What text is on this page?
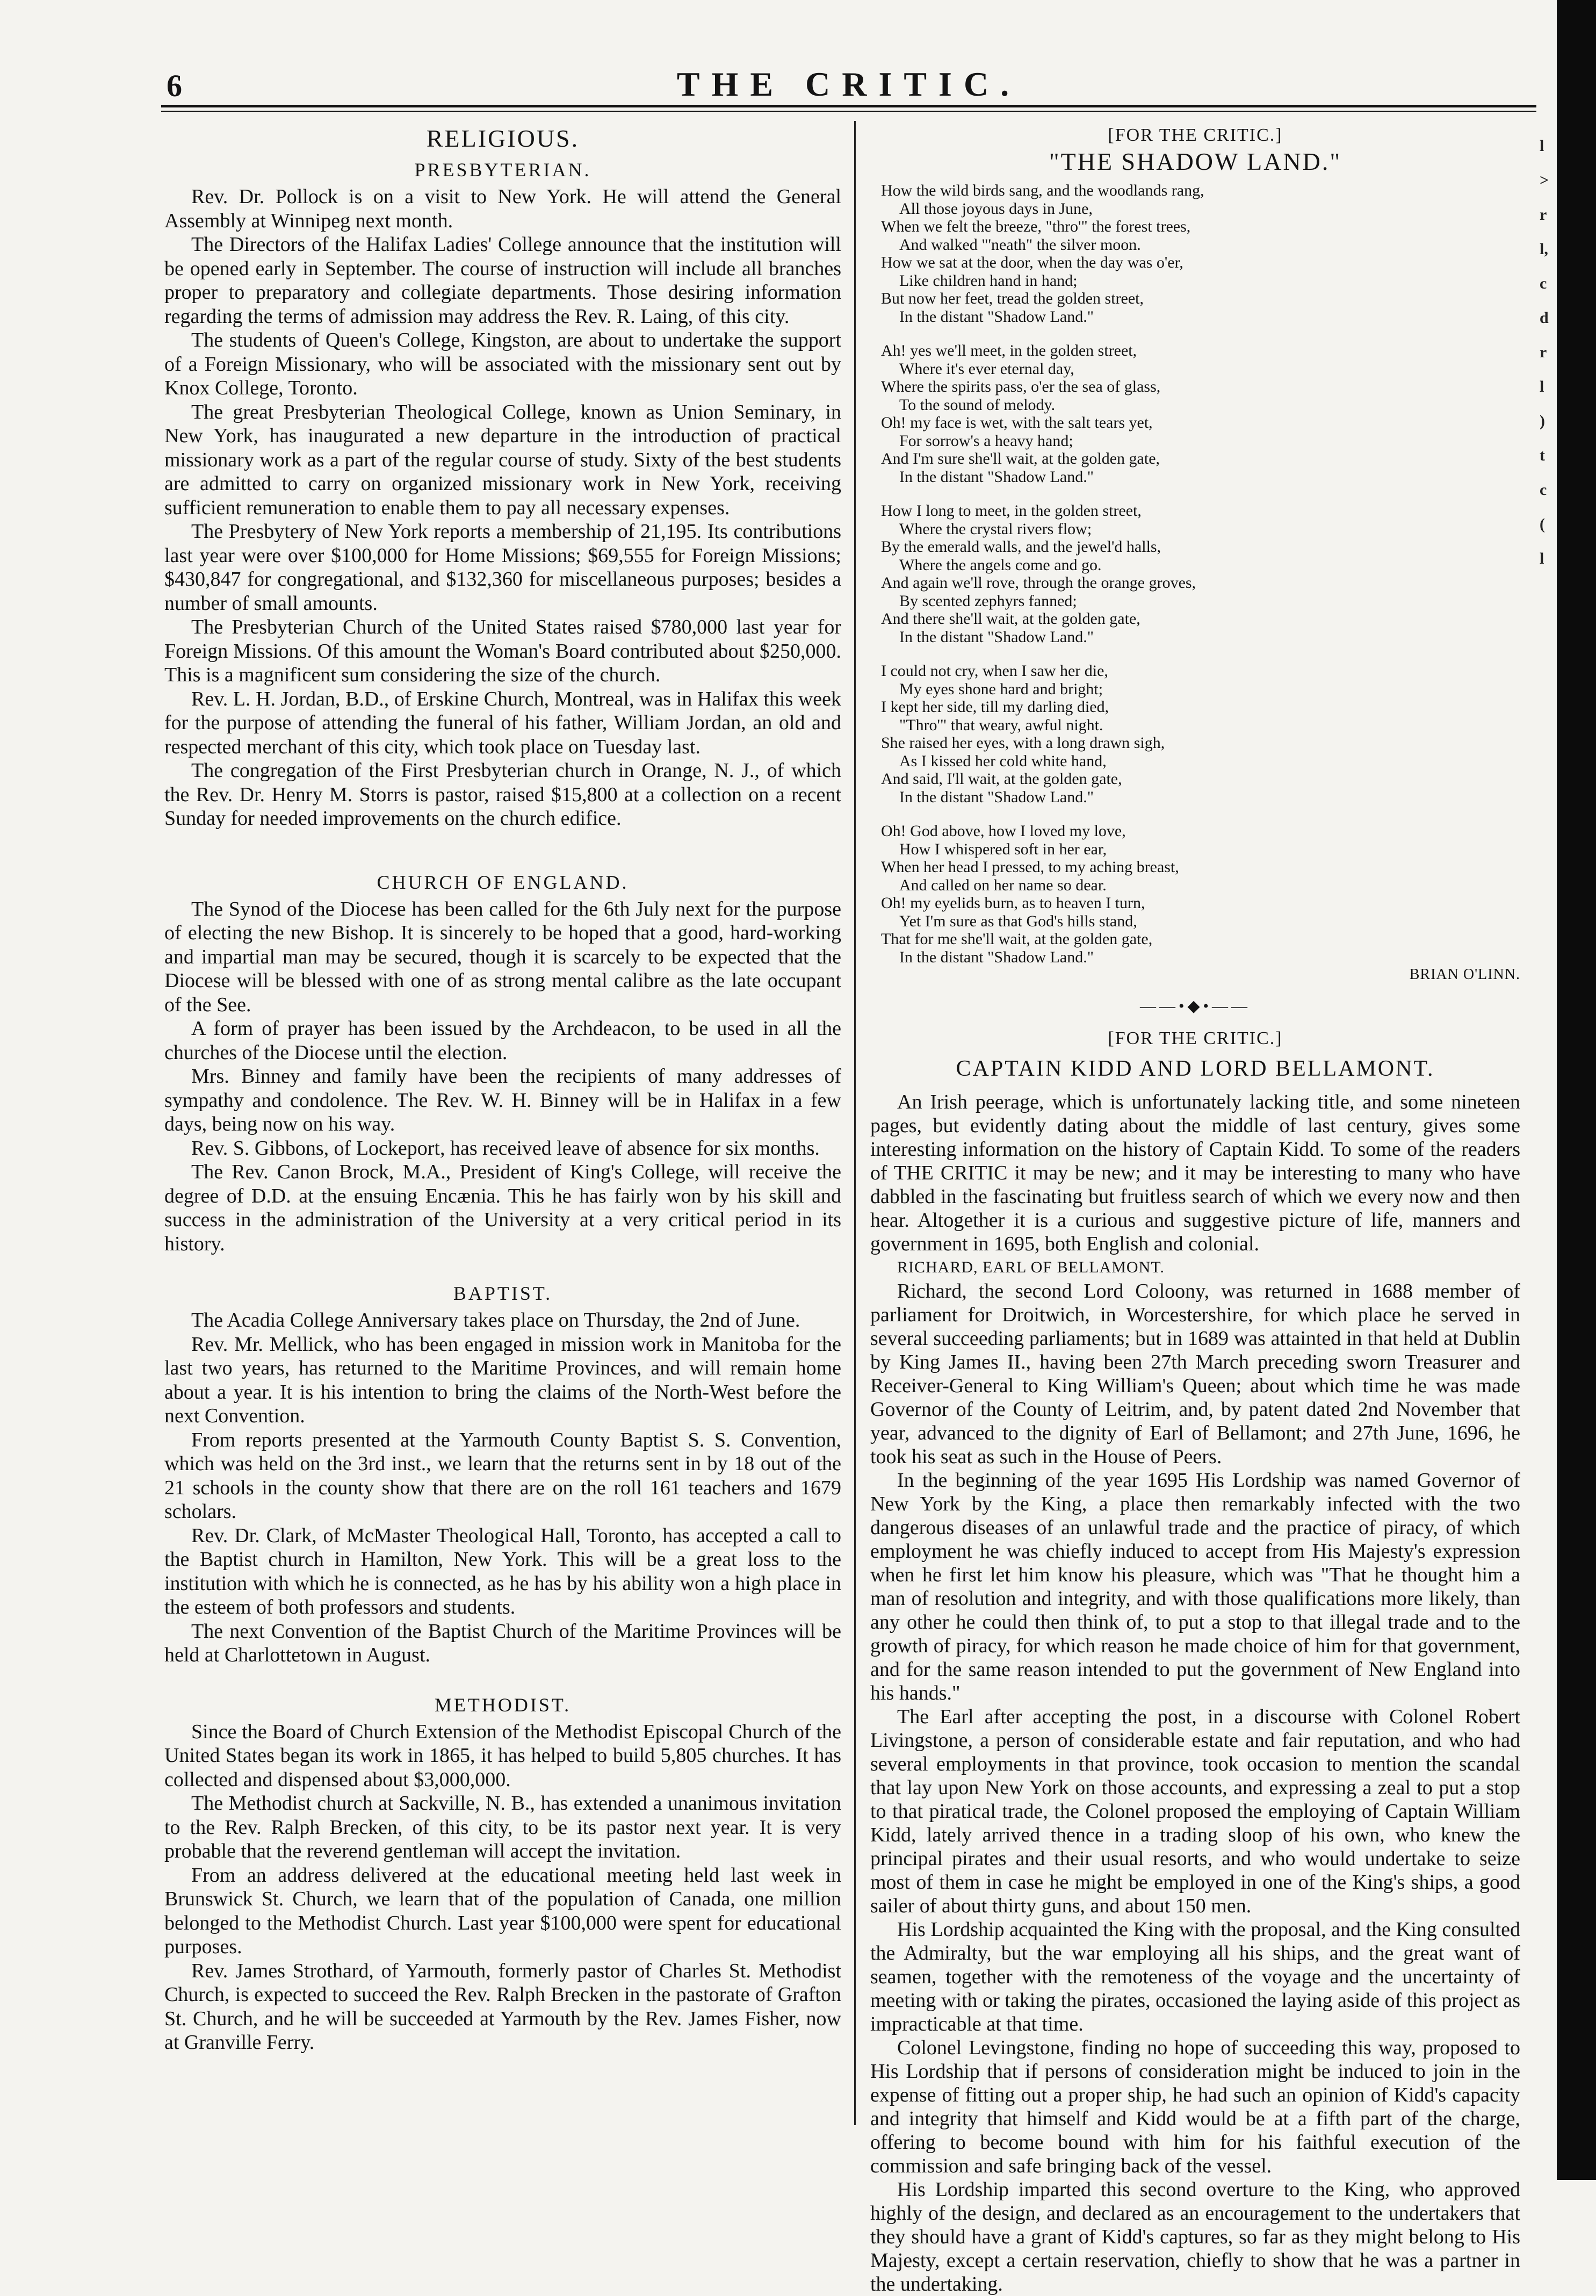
l
>
r
l,
c
d
r
l
)
t
c
(
l
6	THE CRITIC.
RELIGIOUS.
PRESBYTERIAN.

Rev. Dr. Pollock is on a visit to New York. He will attend the General Assembly at Winnipeg next month.

The Directors of the Halifax Ladies' College announce that the institution will be opened early in September. The course of instruction will include all branches proper to preparatory and collegiate departments. Those desiring information regarding the terms of admission may address the Rev. R. Laing, of this city.

The students of Queen's College, Kingston, are about to undertake the support of a Foreign Missionary, who will be associated with the missionary sent out by Knox College, Toronto.

The great Presbyterian Theological College, known as Union Seminary, in New York, has inaugurated a new departure in the introduction of practical missionary work as a part of the regular course of study. Sixty of the best students are admitted to carry on organized missionary work in New York, receiving sufficient remuneration to enable them to pay all necessary expenses.

The Presbytery of New York reports a membership of 21,195. Its contributions last year were over $100,000 for Home Missions; $69,555 for Foreign Missions; $430,847 for congregational, and $132,360 for miscellaneous purposes; besides a number of small amounts.

The Presbyterian Church of the United States raised $780,000 last year for Foreign Missions. Of this amount the Woman's Board contributed about $250,000. This is a magnificent sum considering the size of the church.

Rev. L. H. Jordan, B.D., of Erskine Church, Montreal, was in Halifax this week for the purpose of attending the funeral of his father, William Jordan, an old and respected merchant of this city, which took place on Tuesday last.

The congregation of the First Presbyterian church in Orange, N. J., of which the Rev. Dr. Henry M. Storrs is pastor, raised $15,800 at a collection on a recent Sunday for needed improvements on the church edifice.

CHURCH OF ENGLAND.

The Synod of the Diocese has been called for the 6th July next for the purpose of electing the new Bishop. It is sincerely to be hoped that a good, hard-working and impartial man may be secured, though it is scarcely to be expected that the Diocese will be blessed with one of as strong mental calibre as the late occupant of the See.

A form of prayer has been issued by the Archdeacon, to be used in all the churches of the Diocese until the election.

Mrs. Binney and family have been the recipients of many addresses of sympathy and condolence. The Rev. W. H. Binney will be in Halifax in a few days, being now on his way.

Rev. S. Gibbons, of Lockeport, has received leave of absence for six months.

The Rev. Canon Brock, M.A., President of King's College, will receive the degree of D.D. at the ensuing Encænia. This he has fairly won by his skill and success in the administration of the University at a very critical period in its history.

BAPTIST.

The Acadia College Anniversary takes place on Thursday, the 2nd of June.

Rev. Mr. Mellick, who has been engaged in mission work in Manitoba for the last two years, has returned to the Maritime Provinces, and will remain home about a year. It is his intention to bring the claims of the North-West before the next Convention.

From reports presented at the Yarmouth County Baptist S. S. Convention, which was held on the 3rd inst., we learn that the returns sent in by 18 out of the 21 schools in the county show that there are on the roll 161 teachers and 1679 scholars.

Rev. Dr. Clark, of McMaster Theological Hall, Toronto, has accepted a call to the Baptist church in Hamilton, New York. This will be a great loss to the institution with which he is connected, as he has by his ability won a high place in the esteem of both professors and students.

The next Convention of the Baptist Church of the Maritime Provinces will be held at Charlottetown in August.

METHODIST.

Since the Board of Church Extension of the Methodist Episcopal Church of the United States began its work in 1865, it has helped to build 5,805 churches. It has collected and dispensed about $3,000,000.

The Methodist church at Sackville, N. B., has extended a unanimous invitation to the Rev. Ralph Brecken, of this city, to be its pastor next year. It is very probable that the reverend gentleman will accept the invitation.

From an address delivered at the educational meeting held last week in Brunswick St. Church, we learn that of the population of Canada, one million belonged to the Methodist Church. Last year $100,000 were spent for educational purposes.

Rev. James Strothard, of Yarmouth, formerly pastor of Charles St. Methodist Church, is expected to succeed the Rev. Ralph Brecken in the pastorate of Grafton St. Church, and he will be succeeded at Yarmouth by the Rev. James Fisher, now at Granville Ferry.

[FOR THE CRITIC.]
"THE SHADOW LAND."
How the wild birds sang, and the woodlands rang,
All those joyous days in June,
When we felt the breeze, "thro'" the forest trees,
And walked "'neath" the silver moon.
How we sat at the door, when the day was o'er,
Like children hand in hand;
But now her feet, tread the golden street,
In the distant "Shadow Land."
Ah! yes we'll meet, in the golden street,
Where it's ever eternal day,
Where the spirits pass, o'er the sea of glass,
To the sound of melody.
Oh! my face is wet, with the salt tears yet,
For sorrow's a heavy hand;
And I'm sure she'll wait, at the golden gate,
In the distant "Shadow Land."
How I long to meet, in the golden street,
Where the crystal rivers flow;
By the emerald walls, and the jewel'd halls,
Where the angels come and go.
And again we'll rove, through the orange groves,
By scented zephyrs fanned;
And there she'll wait, at the golden gate,
In the distant "Shadow Land."
I could not cry, when I saw her die,
My eyes shone hard and bright;
I kept her side, till my darling died,
"Thro'" that weary, awful night.
She raised her eyes, with a long drawn sigh,
As I kissed her cold white hand,
And said, I'll wait, at the golden gate,
In the distant "Shadow Land."
Oh! God above, how I loved my love,
How I whispered soft in her ear,
When her head I pressed, to my aching breast,
And called on her name so dear.
Oh! my eyelids burn, as to heaven I turn,
Yet I'm sure as that God's hills stand,
That for me she'll wait, at the golden gate,
In the distant "Shadow Land."
BRIAN O'LINN.
——•◆•——
[FOR THE CRITIC.]
CAPTAIN KIDD AND LORD BELLAMONT.

An Irish peerage, which is unfortunately lacking title, and some nineteen pages, but evidently dating about the middle of last century, gives some interesting information on the history of Captain Kidd. To some of the readers of THE CRITIC it may be new; and it may be interesting to many who have dabbled in the fascinating but fruitless search of which we every now and then hear. Altogether it is a curious and suggestive picture of life, manners and government in 1695, both English and colonial.

RICHARD, EARL OF BELLAMONT.

Richard, the second Lord Coloony, was returned in 1688 member of parliament for Droitwich, in Worcestershire, for which place he served in several succeeding parliaments; but in 1689 was attainted in that held at Dublin by King James II., having been 27th March preceding sworn Treasurer and Receiver-General to King William's Queen; about which time he was made Governor of the County of Leitrim, and, by patent dated 2nd November that year, advanced to the dignity of Earl of Bellamont; and 27th June, 1696, he took his seat as such in the House of Peers.

In the beginning of the year 1695 His Lordship was named Governor of New York by the King, a place then remarkably infected with the two dangerous diseases of an unlawful trade and the practice of piracy, of which employment he was chiefly induced to accept from His Majesty's expression when he first let him know his pleasure, which was "That he thought him a man of resolution and integrity, and with those qualifications more likely, than any other he could then think of, to put a stop to that illegal trade and to the growth of piracy, for which reason he made choice of him for that government, and for the same reason intended to put the government of New England into his hands."

The Earl after accepting the post, in a discourse with Colonel Robert Livingstone, a person of considerable estate and fair reputation, and who had several employments in that province, took occasion to mention the scandal that lay upon New York on those accounts, and expressing a zeal to put a stop to that piratical trade, the Colonel proposed the employing of Captain William Kidd, lately arrived thence in a trading sloop of his own, who knew the principal pirates and their usual resorts, and who would undertake to seize most of them in case he might be employed in one of the King's ships, a good sailer of about thirty guns, and about 150 men.

His Lordship acquainted the King with the proposal, and the King consulted the Admiralty, but the war employing all his ships, and the great want of seamen, together with the remoteness of the voyage and the uncertainty of meeting with or taking the pirates, occasioned the laying aside of this project as impracticable at that time.

Colonel Levingstone, finding no hope of succeeding this way, proposed to His Lordship that if persons of consideration might be induced to join in the expense of fitting out a proper ship, he had such an opinion of Kidd's capacity and integrity that himself and Kidd would be at a fifth part of the charge, offering to become bound with him for his faithful execution of the commission and safe bringing back of the vessel.

His Lordship imparted this second overture to the King, who approved highly of the design, and declared as an encouragement to the undertakers that they should have a grant of Kidd's captures, so far as they might belong to His Majesty, except a certain reservation, chiefly to show that he was a partner in the undertaking.
